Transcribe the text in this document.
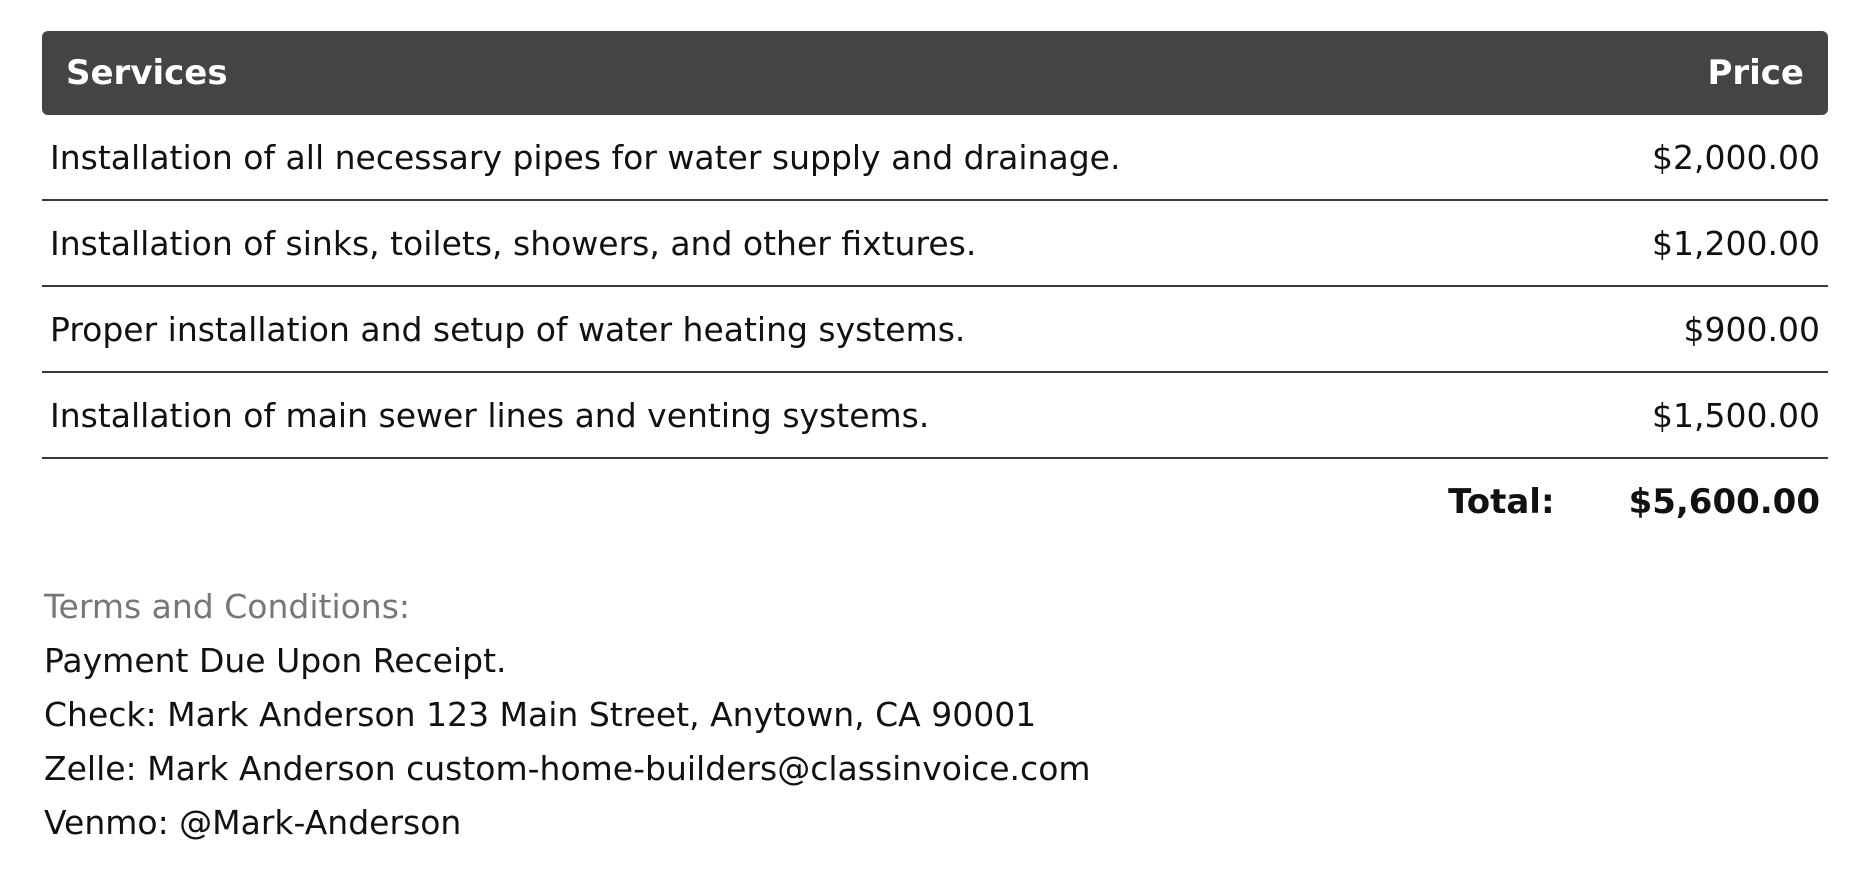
Services	Price
Installation of all necessary pipes for water supply and drainage.	$2,000.00
Installation of sinks, toilets, showers, and other fixtures.	$1,200.00
Proper installation and setup of water heating systems.	$900.00
Installation of main sewer lines and venting systems.	$1,500.00
Total: $5,600.00
Terms and Conditions:
Payment Due Upon Receipt.
Check: Mark Anderson 123 Main Street, Anytown, CA 90001
Zelle: Mark Anderson custom-home-builders@classinvoice.com
Venmo: @Mark-Anderson
